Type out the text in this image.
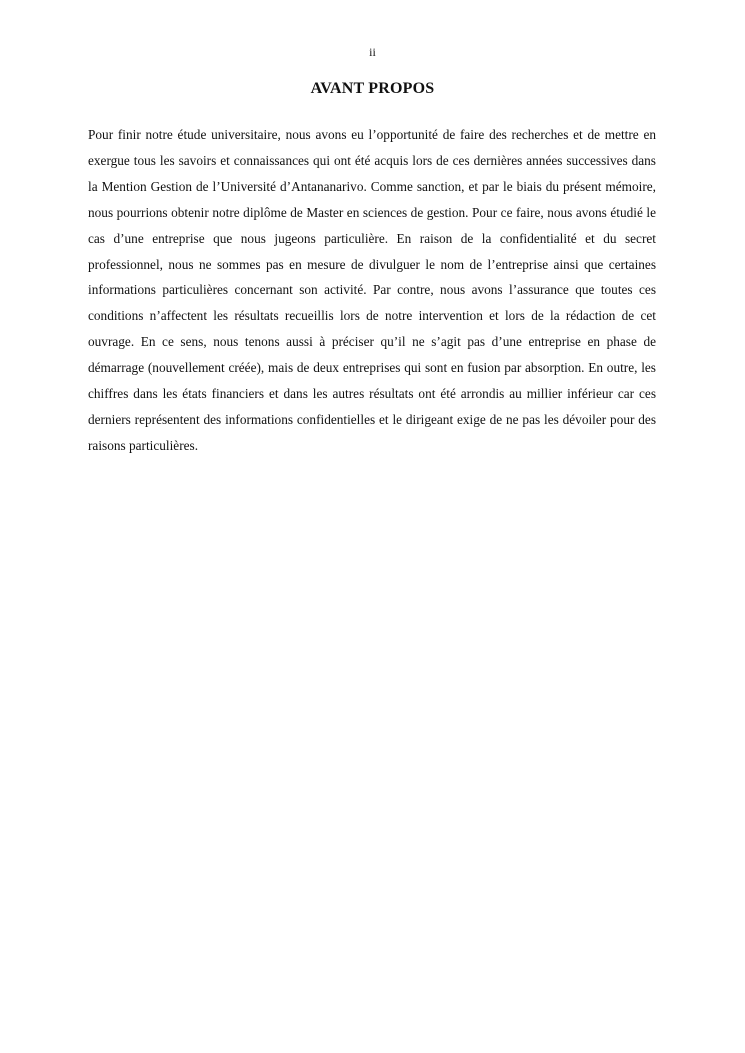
ii
AVANT PROPOS

Pour finir notre étude universitaire, nous avons eu l’opportunité de faire des recherches et de mettre en exergue tous les savoirs et connaissances qui ont été acquis lors de ces dernières années successives dans la Mention Gestion de l’Université d’Antananarivo. Comme sanction, et par le biais du présent mémoire, nous pourrions obtenir notre diplôme de Master en sciences de gestion. Pour ce faire, nous avons étudié le cas d’une entreprise que nous jugeons particulière. En raison de la confidentialité et du secret professionnel, nous ne sommes pas en mesure de divulguer le nom de l’entreprise ainsi que certaines informations particulières concernant son activité. Par contre, nous avons l’assurance que toutes ces conditions n’affectent les résultats recueillis lors de notre intervention et lors de la rédaction de cet ouvrage. En ce sens, nous tenons aussi à préciser qu’il ne s’agit pas d’une entreprise en phase de démarrage (nouvellement créée), mais de deux entreprises qui sont en fusion par absorption. En outre, les chiffres dans les états financiers et dans les autres résultats ont été arrondis au millier inférieur car ces derniers représentent des informations confidentielles et le dirigeant exige de ne pas les dévoiler pour des raisons particulières.
